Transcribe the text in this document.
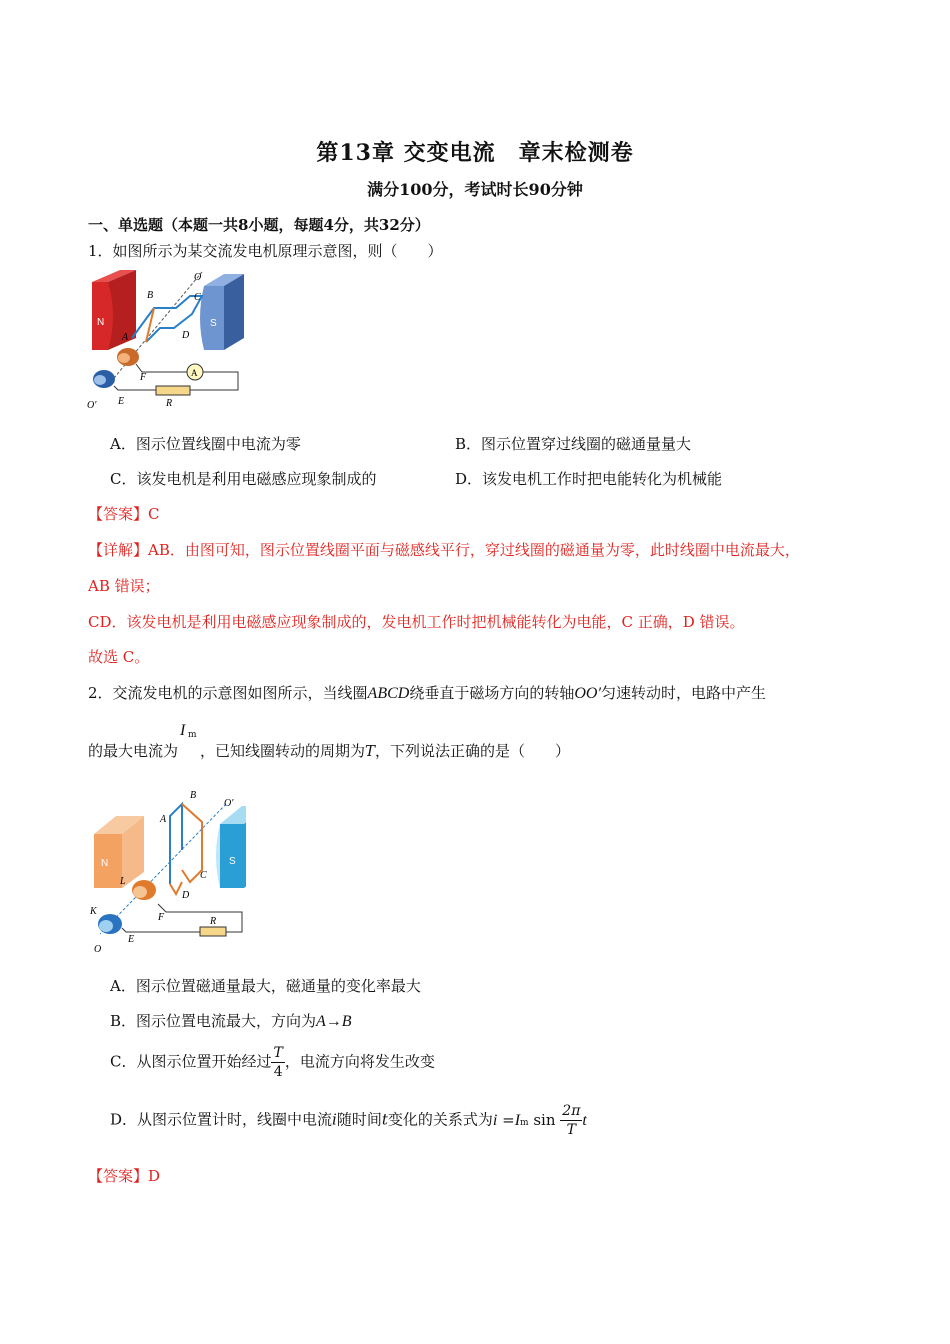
第13章 交变电流　章末检测卷
满分100分，考试时长90分钟
一、单选题（本题一共8小题，每题4分，共32分）
1．如图所示为某交流发电机原理示意图，则（　　）
N	S
A
O
B	C
A	D
F
E	R
O′
A．图示位置线圈中电流为零	B．图示位置穿过线圈的磁通量量大
C．该发电机是利用电磁感应现象制成的	D．该发电机工作时把电能转化为机械能
【答案】C
【详解】AB．由图可知，图示位置线圈平面与磁感线平行，穿过线圈的磁通量为零，此时线圈中电流最大，
AB 错误；
CD．该发电机是利用电磁感应现象制成的，发电机工作时把机械能转化为电能，C 正确，D 错误。
故选 C。
2．交流发电机的示意图如图所示，当线圈ABCD绕垂直于磁场方向的转轴OO′匀速转动时，电路中产生
的最大电流为
I m
，已知线圈转动的周期为T，下列说法正确的是（　　）
N	S
B
O′
A
C
D
L
F
K
E
R
O
A．图示位置磁通量最大，磁通量的变化率最大
B．图示位置电流最大，方向为A→B
C．从图示位置开始经过 $\frac{T}{4}$ ，电流方向将发生改变
D．从图示位置计时，线圈中电流i随时间t变化的关系式为i =Im $\sin \frac{2\pi}{T}$ t
【答案】D
